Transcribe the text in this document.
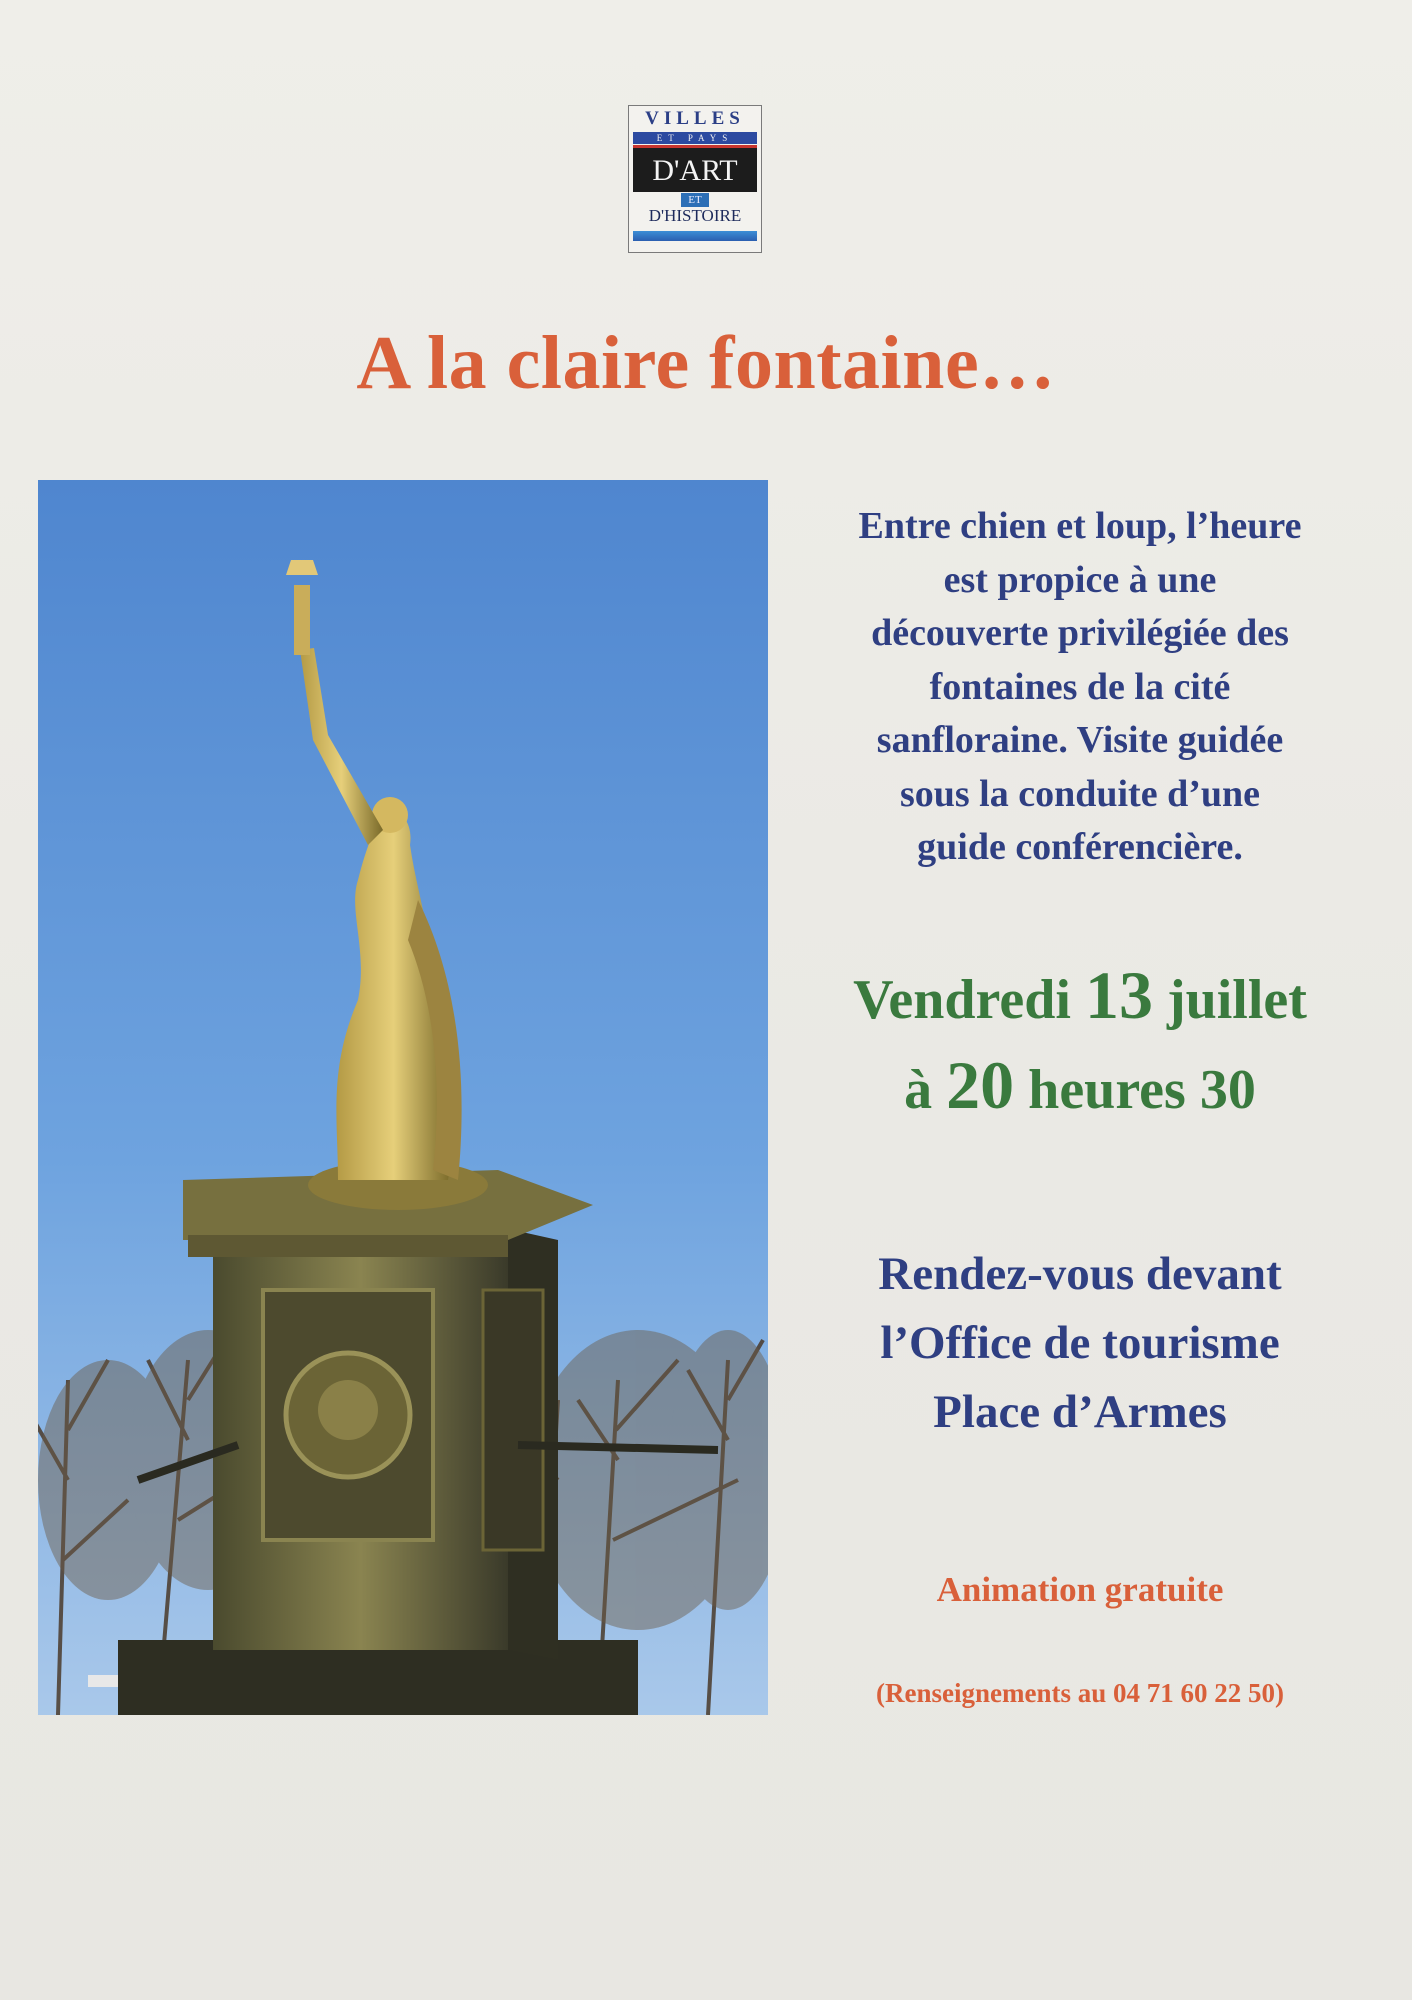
VILLES
ET PAYS
D'ART
ET
D'HISTOIRE
A la claire fontaine…
Entre chien et loup, l’heure
est propice à une
découverte privilégiée des
fontaines de la cité
sanfloraine. Visite guidée
sous la conduite d’une
guide conférencière.
Vendredi 13 juillet
à 20 heures 30
Rendez-vous devant
l’Office de tourisme
Place d’Armes
Animation gratuite
(Renseignements au 04 71 60 22 50)
